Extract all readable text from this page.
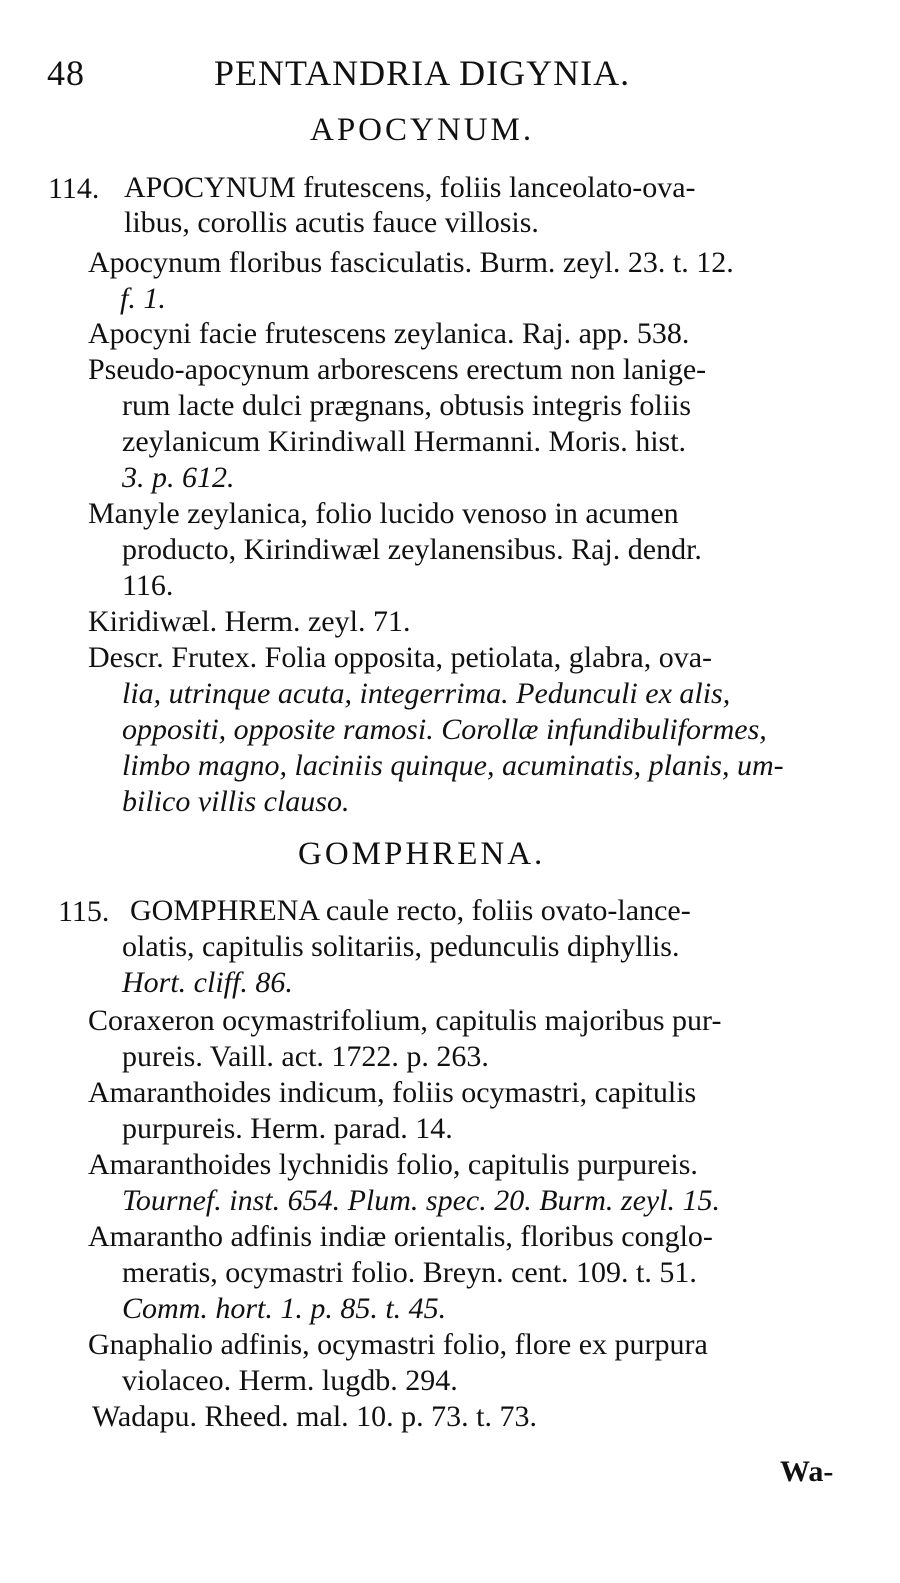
48	PENTANDRIA DIGYNIA.
APOCYNUM.
114. APOCYNUM frutescens, foliis lanceolato-ova-
libus, corollis acutis fauce villosis.
Apocynum floribus fasciculatis. Burm. zeyl. 23. t. 12.
f. 1.
Apocyni facie frutescens zeylanica. Raj. app. 538.
Pseudo-apocynum arborescens erectum non lanige-
rum lacte dulci prægnans, obtusis integris foliis
zeylanicum Kirindiwall Hermanni. Moris. hist.
3. p. 612.
Manyle zeylanica, folio lucido venoso in acumen
producto, Kirindiwæl zeylanensibus. Raj. dendr.
116.
Kiridiwæl. Herm. zeyl. 71.
Descr. Frutex. Folia opposita, petiolata, glabra, ova-
lia, utrinque acuta, integerrima. Pedunculi ex alis,
oppositi, opposite ramosi. Corollæ infundibuliformes,
limbo magno, laciniis quinque, acuminatis, planis, um-
bilico villis clauso.
GOMPHRENA.
115. GOMPHRENA caule recto, foliis ovato-lance-
olatis, capitulis solitariis, pedunculis diphyllis.
Hort. cliff. 86.
Coraxeron ocymastrifolium, capitulis majoribus pur-
pureis. Vaill. act. 1722. p. 263.
Amaranthoides indicum, foliis ocymastri, capitulis
purpureis. Herm. parad. 14.
Amaranthoides lychnidis folio, capitulis purpureis.
Tournef. inst. 654. Plum. spec. 20. Burm. zeyl. 15.
Amarantho adfinis indiæ orientalis, floribus conglo-
meratis, ocymastri folio. Breyn. cent. 109. t. 51.
Comm. hort. 1. p. 85. t. 45.
Gnaphalio adfinis, ocymastri folio, flore ex purpura
violaceo. Herm. lugdb. 294.
Wadapu. Rheed. mal. 10. p. 73. t. 73.
Wa-
